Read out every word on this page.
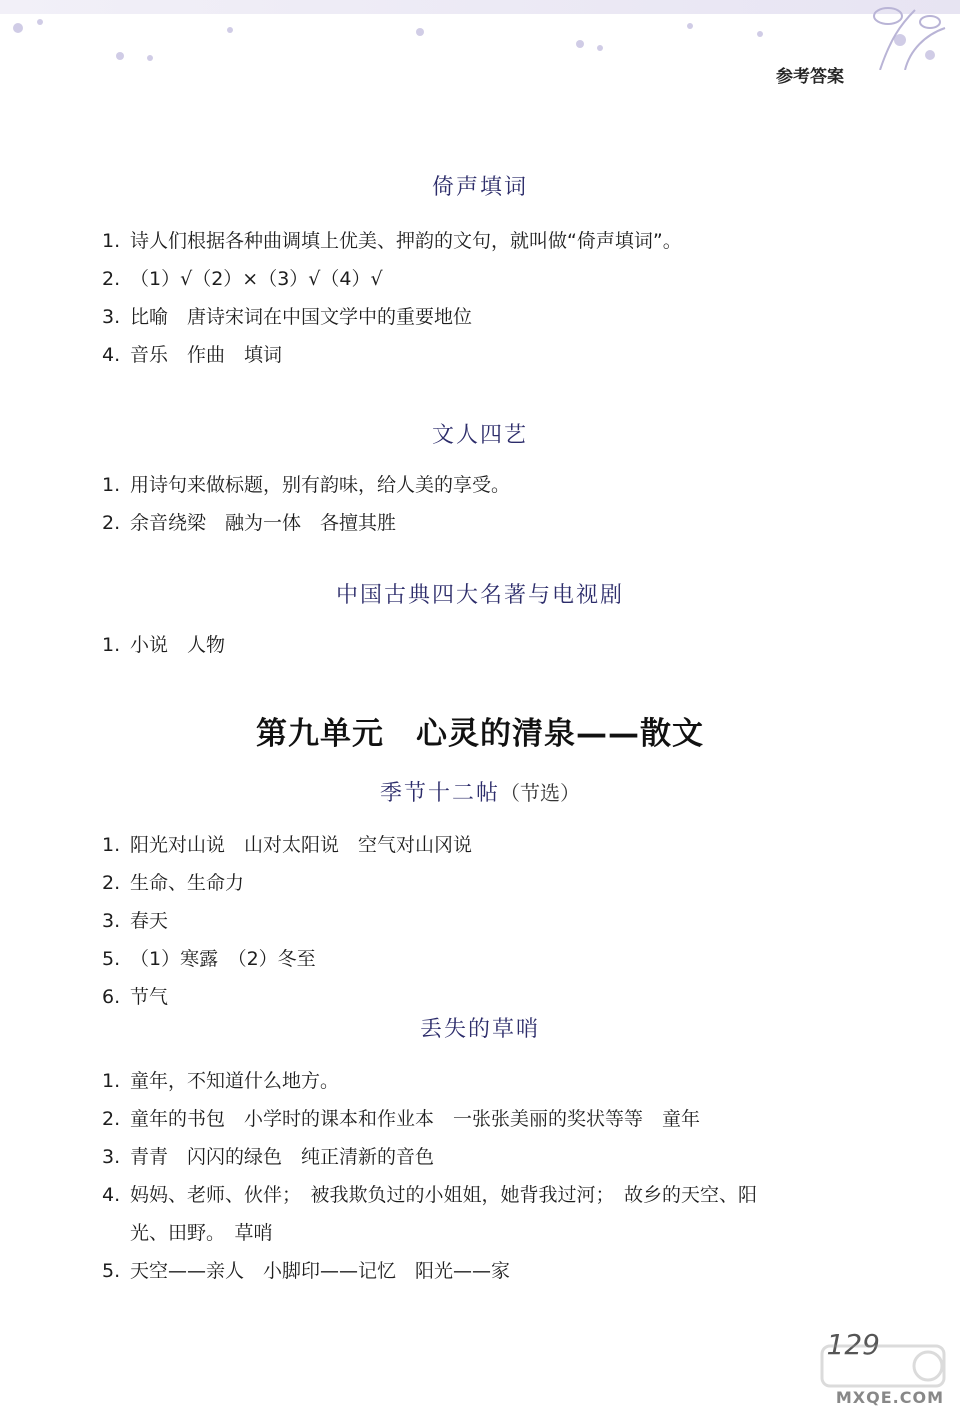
参考答案
倚声填词
1. 诗人们根据各种曲调填上优美、押韵的文句，就叫做“倚声填词”。
2. （1）√（2）×（3）√（4）√
3. 比喻　唐诗宋词在中国文学中的重要地位
4. 音乐　作曲　填词
文人四艺
1. 用诗句来做标题，别有韵味，给人美的享受。
2. 余音绕梁　融为一体　各擅其胜
中国古典四大名著与电视剧
1. 小说　人物
第九单元　心灵的清泉——散文
季节十二帖（节选）
1. 阳光对山说　山对太阳说　空气对山冈说
2. 生命、生命力
3. 春天
5. （1）寒露　（2）冬至
6. 节气
丢失的草哨
1. 童年，不知道什么地方。
2. 童年的书包　小学时的课本和作业本　一张张美丽的奖状等等　童年
3. 青青　闪闪的绿色　纯正清新的音色
4. 妈妈、老师、伙伴；　被我欺负过的小姐姐，她背我过河；　故乡的天空、阳
光、田野。　草哨
5. 天空——亲人　小脚印——记忆　阳光——家
129
MXQE.COM
